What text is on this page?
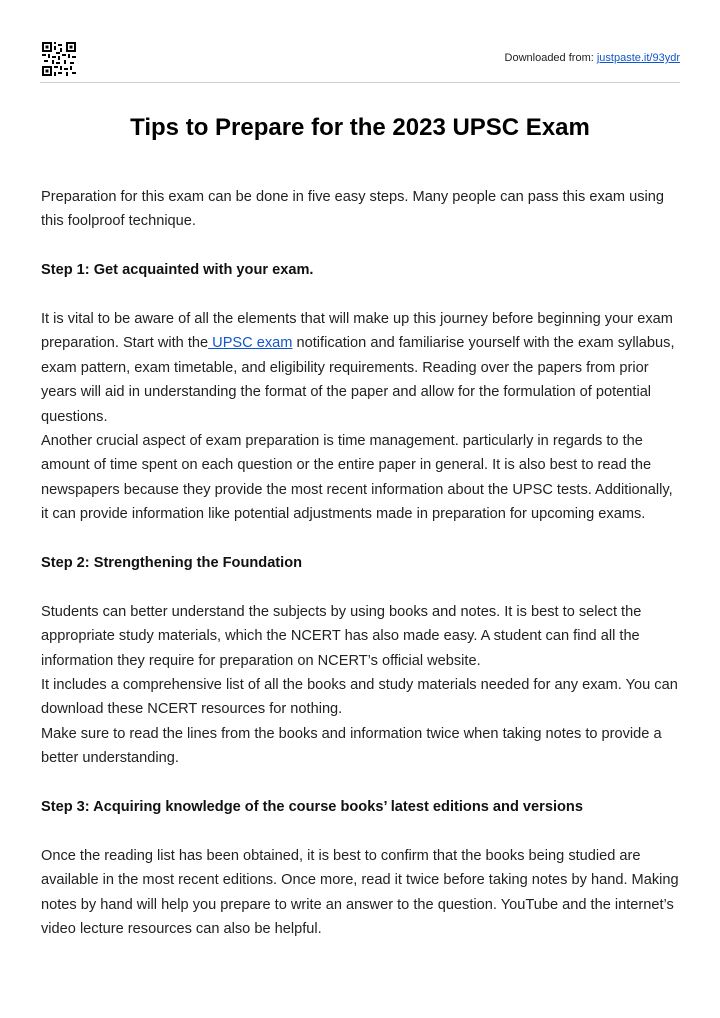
Downloaded from: justpaste.it/93ydr
Tips to Prepare for the 2023 UPSC Exam

Preparation for this exam can be done in five easy steps. Many people can pass this exam using this foolproof technique.

Step 1: Get acquainted with your exam.

It is vital to be aware of all the elements that will make up this journey before beginning your exam preparation. Start with the UPSC exam notification and familiarise yourself with the exam syllabus, exam pattern, exam timetable, and eligibility requirements. Reading over the papers from prior years will aid in understanding the format of the paper and allow for the formulation of potential questions.

Another crucial aspect of exam preparation is time management. particularly in regards to the amount of time spent on each question or the entire paper in general. It is also best to read the newspapers because they provide the most recent information about the UPSC tests. Additionally, it can provide information like potential adjustments made in preparation for upcoming exams.

Step 2: Strengthening the Foundation

Students can better understand the subjects by using books and notes. It is best to select the appropriate study materials, which the NCERT has also made easy. A student can find all the information they require for preparation on NCERT’s official website.

It includes a comprehensive list of all the books and study materials needed for any exam. You can download these NCERT resources for nothing.

Make sure to read the lines from the books and information twice when taking notes to provide a better understanding.

Step 3: Acquiring knowledge of the course books’ latest editions and versions

Once the reading list has been obtained, it is best to confirm that the books being studied are available in the most recent editions. Once more, read it twice before taking notes by hand. Making notes by hand will help you prepare to write an answer to the question. YouTube and the internet’s video lecture resources can also be helpful.
